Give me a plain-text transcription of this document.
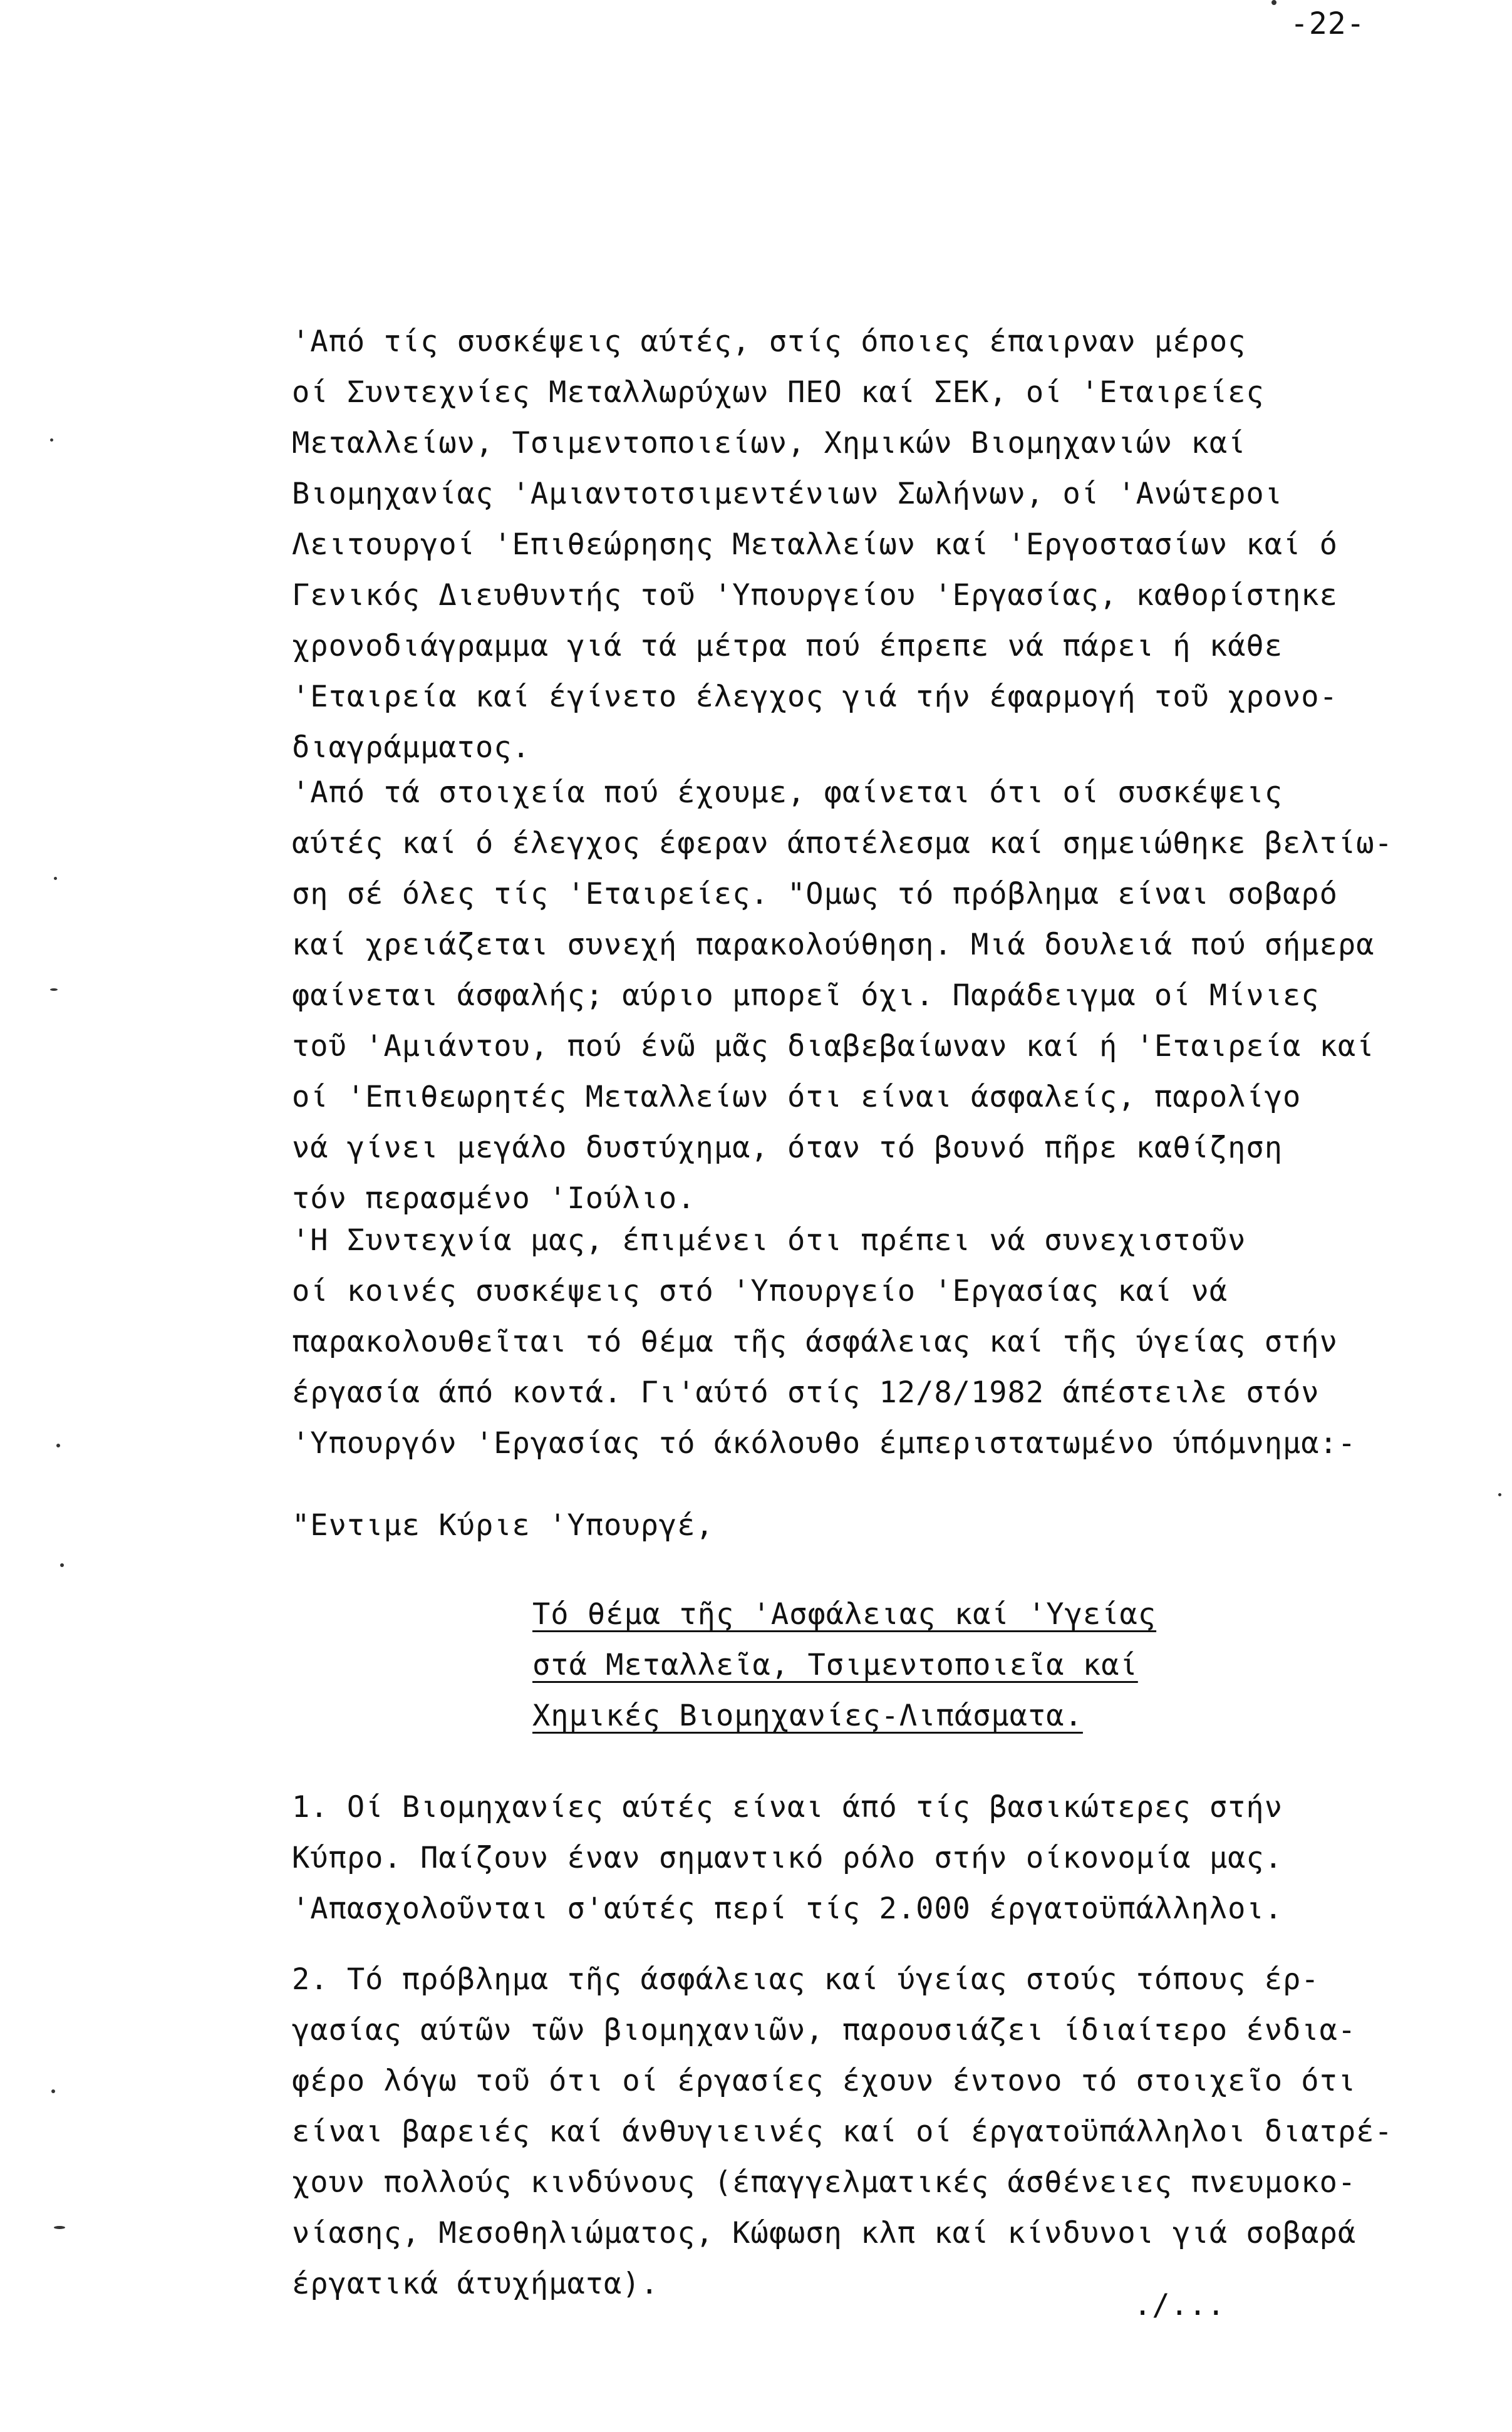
-22-
'Από τίς συσκέψεις αύτές, στίς όποιες έπαιρναν μέρος
οί Συντεχνίες Μεταλλωρύχων ΠΕΟ καί ΣΕΚ, οί 'Εταιρείες
Μεταλλείων, Τσιμεντοποιείων, Χημικών Βιομηχανιών καί
Βιομηχανίας 'Αμιαντοτσιμεντένιων Σωλήνων, οί 'Ανώτεροι
Λειτουργοί 'Επιθεώρησης Μεταλλείων καί 'Εργοστασίων καί ό
Γενικός Διευθυντής τοῦ 'Υπουργείου 'Εργασίας, καθορίστηκε
χρονοδιάγραμμα γιά τά μέτρα πού έπρεπε νά πάρει ή κάθε
'Εταιρεία καί έγίνετο έλεγχος γιά τήν έφαρμογή τοῦ χρονο-
διαγράμματος.
'Από τά στοιχεία πού έχουμε, φαίνεται ότι οί συσκέψεις
αύτές καί ό έλεγχος έφεραν άποτέλεσμα καί σημειώθηκε βελτίω-
ση σέ όλες τίς 'Εταιρείες. "Ομως τό πρόβλημα είναι σοβαρό
καί χρειάζεται συνεχή παρακολούθηση. Μιά δουλειά πού σήμερα
φαίνεται άσφαλής; αύριο μπορεῖ όχι. Παράδειγμα οί Μίνιες
τοῦ 'Αμιάντου, πού ένῶ μᾶς διαβεβαίωναν καί ή 'Εταιρεία καί
οί 'Επιθεωρητές Μεταλλείων ότι είναι άσφαλείς, παρολίγο
νά γίνει μεγάλο δυστύχημα, όταν τό βουνό πῆρε καθίζηση
τόν περασμένο 'Ιούλιο.
'Η Συντεχνία μας, έπιμένει ότι πρέπει νά συνεχιστοῦν
οί κοινές συσκέψεις στό 'Υπουργείο 'Εργασίας καί νά
παρακολουθεῖται τό θέμα τῆς άσφάλειας καί τῆς ύγείας στήν
έργασία άπό κοντά. Γι'αύτό στίς 12/8/1982 άπέστειλε στόν
'Υπουργόν 'Εργασίας τό άκόλουθο έμπεριστατωμένο ύπόμνημα:-
"Εντιμε Κύριε 'Υπουργέ,
Τό θέμα τῆς 'Ασφάλειας καί 'Υγείας
στά Μεταλλεῖα, Τσιμεντοποιεῖα καί
Χημικές Βιομηχανίες-Λιπάσματα.
1. Οί Βιομηχανίες αύτές είναι άπό τίς βασικώτερες στήν
Κύπρο. Παίζουν έναν σημαντικό ρόλο στήν οίκονομία μας.
'Απασχολοῦνται σ'αύτές περί τίς 2.000 έργατοϋπάλληλοι.
2. Τό πρόβλημα τῆς άσφάλειας καί ύγείας στούς τόπους έρ-
γασίας αύτῶν τῶν βιομηχανιῶν, παρουσιάζει ίδιαίτερο ένδια-
φέρο λόγω τοῦ ότι οί έργασίες έχουν έντονο τό στοιχεῖο ότι
είναι βαρειές καί άνθυγιεινές καί οί έργατοϋπάλληλοι διατρέ-
χουν πολλούς κινδύνους (έπαγγελματικές άσθένειες πνευμοκο-
νίασης, Μεσοθηλιώματος, Κώφωση κλπ καί κίνδυνοι γιά σοβαρά
έργατικά άτυχήματα).
./...
